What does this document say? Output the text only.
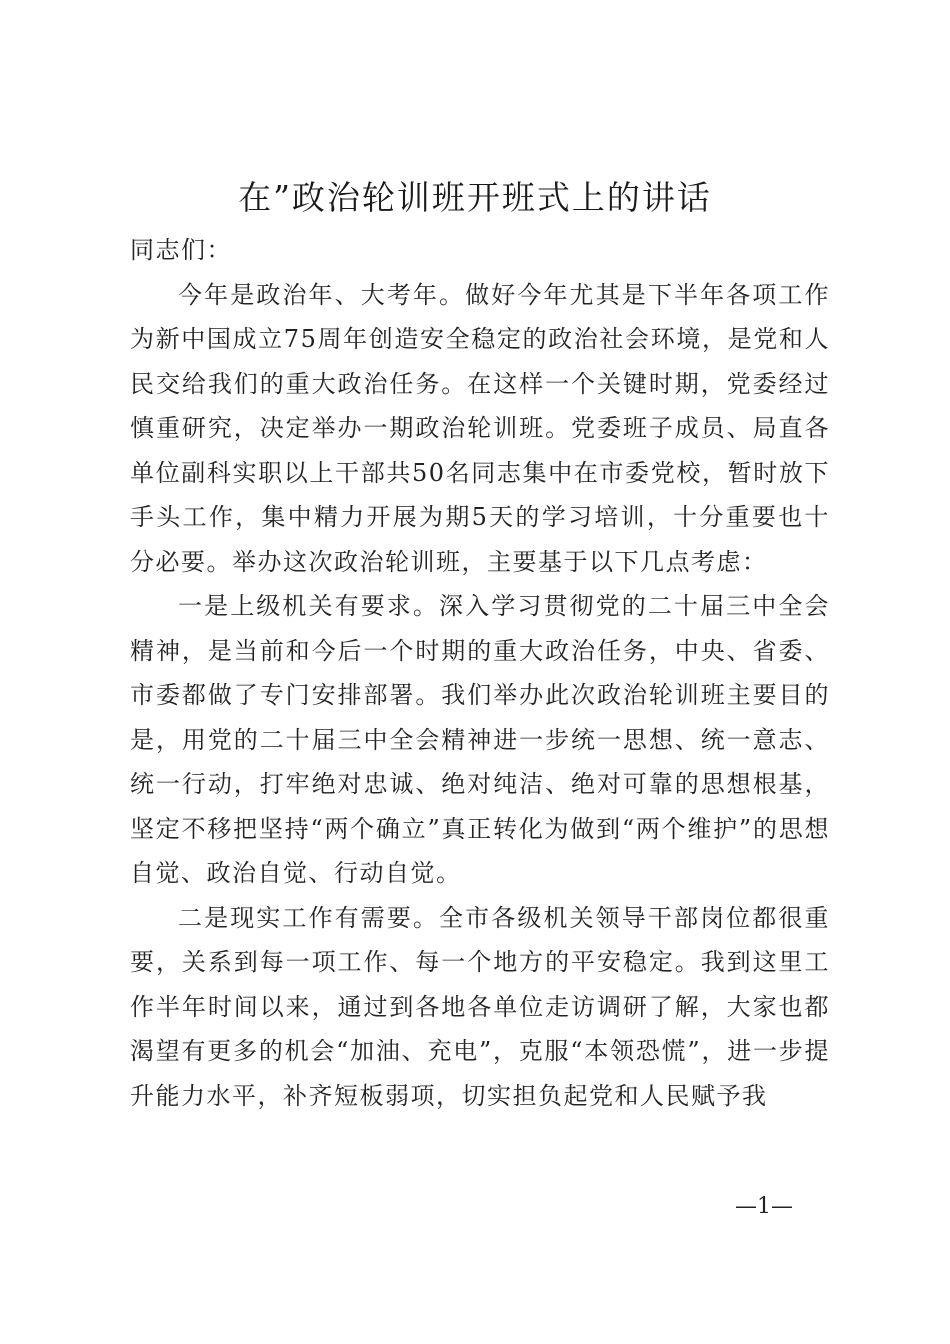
在”政治轮训班开班式上的讲话

同志们：

今年是政治年、大考年。做好今年尤其是下半年各项工作为新中国成立75周年创造安全稳定的政治社会环境，是党和人民交给我们的重大政治任务。在这样一个关键时期，党委经过慎重研究，决定举办一期政治轮训班。党委班子成员、局直各单位副科实职以上干部共50名同志集中在市委党校，暂时放下手头工作，集中精力开展为期5天的学习培训，十分重要也十分必要。举办这次政治轮训班，主要基于以下几点考虑：

一是上级机关有要求。深入学习贯彻党的二十届三中全会精神，是当前和今后一个时期的重大政治任务，中央、省委、市委都做了专门安排部署。我们举办此次政治轮训班主要目的是，用党的二十届三中全会精神进一步统一思想、统一意志、统一行动，打牢绝对忠诚、绝对纯洁、绝对可靠的思想根基，坚定不移把坚持“两个确立”真正转化为做到“两个维护”的思想自觉、政治自觉、行动自觉。

二是现实工作有需要。全市各级机关领导干部岗位都很重要，关系到每一项工作、每一个地方的平安稳定。我到这里工作半年时间以来，通过到各地各单位走访调研了解，大家也都渴望有更多的机会“加油、充电”，克服“本领恐慌”，进一步提升能力水平，补齐短板弱项，切实担负起党和人民赋予我

—1—
